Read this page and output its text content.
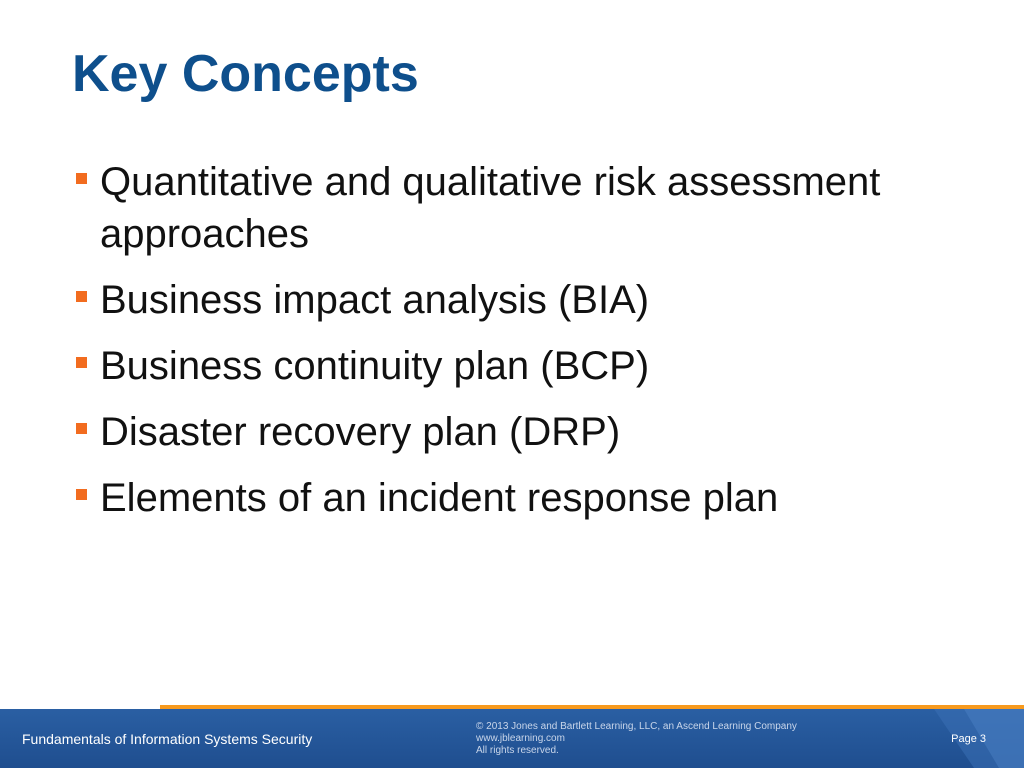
Key Concepts
Quantitative and qualitative risk assessment approaches
Business impact analysis (BIA)
Business continuity plan (BCP)
Disaster recovery plan (DRP)
Elements of an incident response plan
Fundamentals of Information Systems Security
© 2013 Jones and Bartlett Learning, LLC, an Ascend Learning Company
www.jblearning.com
All rights reserved.
Page 3
